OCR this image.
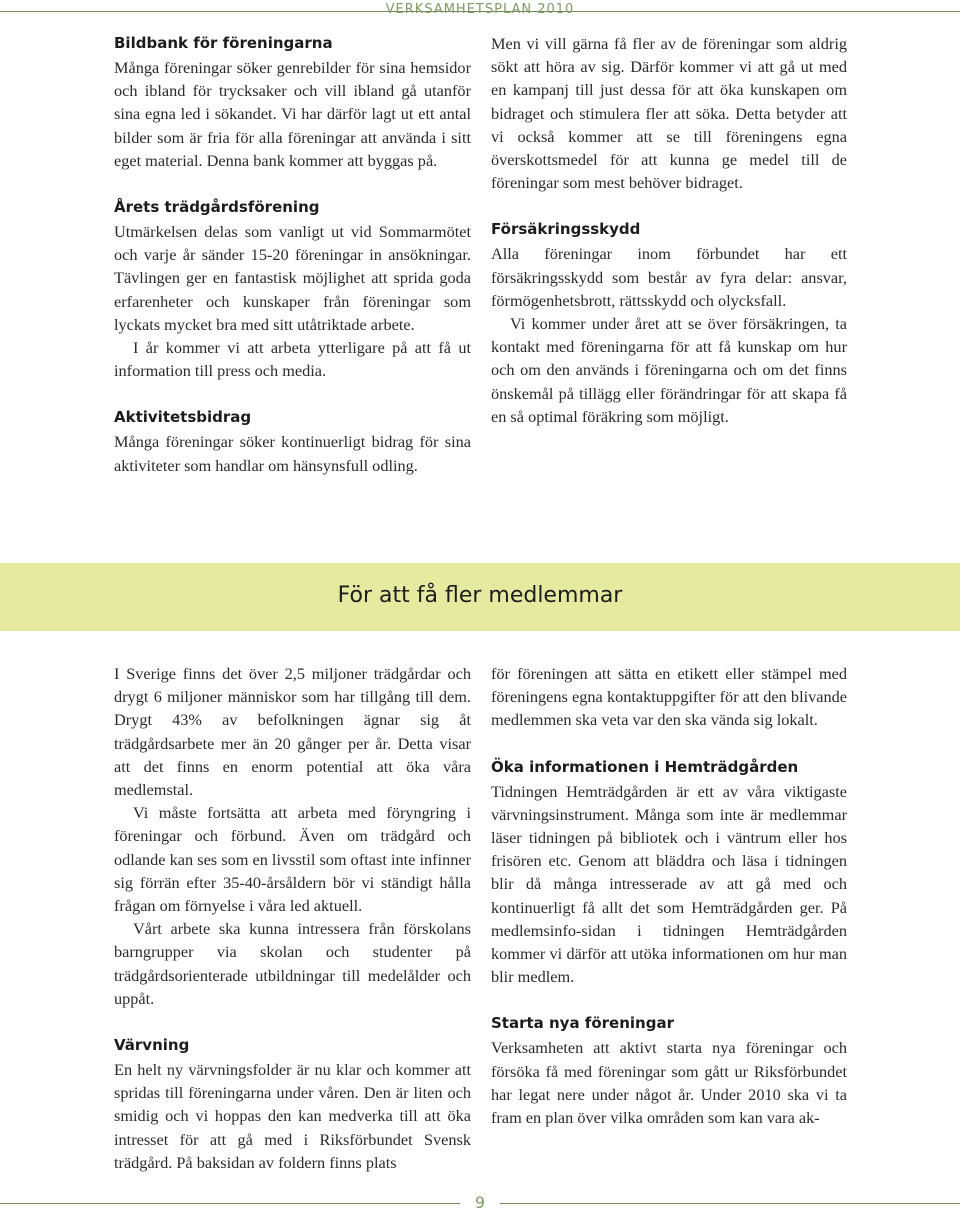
VERKSAMHETSPLAN 2010
Bildbank för föreningarna

Många föreningar söker genrebilder för sina hemsidor och ibland för trycksaker och vill ibland gå utanför sina egna led i sökandet. Vi har därför lagt ut ett antal bilder som är fria för alla föreningar att använda i sitt eget material. Denna bank kommer att byggas på.

Årets trädgårdsförening

Utmärkelsen delas som vanligt ut vid Sommarmötet och varje år sänder 15-20 föreningar in ansökningar. Tävlingen ger en fantastisk möjlighet att sprida goda erfarenheter och kunskaper från föreningar som lyckats mycket bra med sitt utåtriktade arbete.

I år kommer vi att arbeta ytterligare på att få ut information till press och media.

Aktivitetsbidrag

Många föreningar söker kontinuerligt bidrag för sina aktiviteter som handlar om hänsynsfull odling.

Men vi vill gärna få fler av de föreningar som aldrig sökt att höra av sig. Därför kommer vi att gå ut med en kampanj till just dessa för att öka kunskapen om bidraget och stimulera fler att söka. Detta betyder att vi också kommer att se till föreningens egna överskottsmedel för att kunna ge medel till de föreningar som mest behöver bidraget.

Försäkringsskydd

Alla föreningar inom förbundet har ett försäkringsskydd som består av fyra delar: ansvar, förmögenhetsbrott, rättsskydd och olycksfall.

Vi kommer under året att se över försäkringen, ta kontakt med föreningarna för att få kunskap om hur och om den används i föreningarna och om det finns önskemål på tillägg eller förändringar för att skapa få en så optimal föräkring som möjligt.

För att få fler medlemmar

I Sverige finns det över 2,5 miljoner trädgårdar och drygt 6 miljoner människor som har tillgång till dem. Drygt 43% av befolkningen ägnar sig åt trädgårdsarbete mer än 20 gånger per år. Detta visar att det finns en enorm potential att öka våra medlemstal.

Vi måste fortsätta att arbeta med föryngring i föreningar och förbund. Även om trädgård och odlande kan ses som en livsstil som oftast inte infinner sig förrän efter 35-40-årsåldern bör vi ständigt hålla frågan om förnyelse i våra led aktuell.

Vårt arbete ska kunna intressera från förskolans barngrupper via skolan och studenter på trädgårdsorienterade utbildningar till medelålder och uppåt.

Värvning

En helt ny värvningsfolder är nu klar och kommer att spridas till föreningarna under våren. Den är liten och smidig och vi hoppas den kan medverka till att öka intresset för att gå med i Riksförbundet Svensk trädgård. På baksidan av foldern finns plats

för föreningen att sätta en etikett eller stämpel med föreningens egna kontaktuppgifter för att den blivande medlemmen ska veta var den ska vända sig lokalt.

Öka informationen i Hemträdgården

Tidningen Hemträdgården är ett av våra viktigaste värvningsinstrument. Många som inte är medlemmar läser tidningen på bibliotek och i väntrum eller hos frisören etc. Genom att bläddra och läsa i tidningen blir då många intresserade av att gå med och kontinuerligt få allt det som Hemträdgården ger. På medlemsinfo-sidan i tidningen Hemträdgården kommer vi därför att utöka informationen om hur man blir medlem.

Starta nya föreningar

Verksamheten att aktivt starta nya föreningar och försöka få med föreningar som gått ur Riksförbundet har legat nere under något år. Under 2010 ska vi ta fram en plan över vilka områden som kan vara ak-

9
